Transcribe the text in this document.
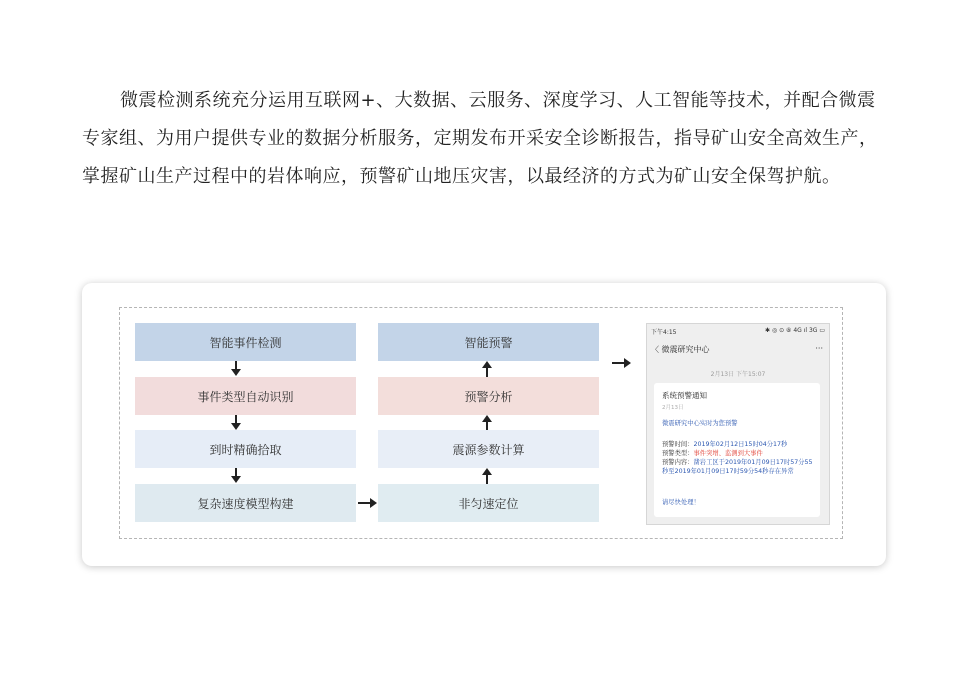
微震检测系统充分运用互联网+、大数据、云服务、深度学习、人工智能等技术，并配合微震专家组、为用户提供专业的数据分析服务，定期发布开采安全诊断报告，指导矿山安全高效生产，掌握矿山生产过程中的岩体响应，预警矿山地压灾害，以最经济的方式为矿山安全保驾护航。

智能事件检测
事件类型自动识别
到时精确拾取
复杂速度模型构建
智能预警
预警分析
震源参数计算
非匀速定位
下午4:15	✱ ◎ ⊙ ⑧ 4G ıl 3G ▭
〈 微震研究中心	···
2月13日 下午15:07
系统预警通知
2月13日
微震研究中心实时为您预警
预警时间：2019年02月12日15时04分17秒
预警类型：事件突增、监测到大事件
预警内容：凿岩工区于2019年01月09日17时57分55秒至2019年01月09日17时59分54秒存在异常
请尽快处理！
